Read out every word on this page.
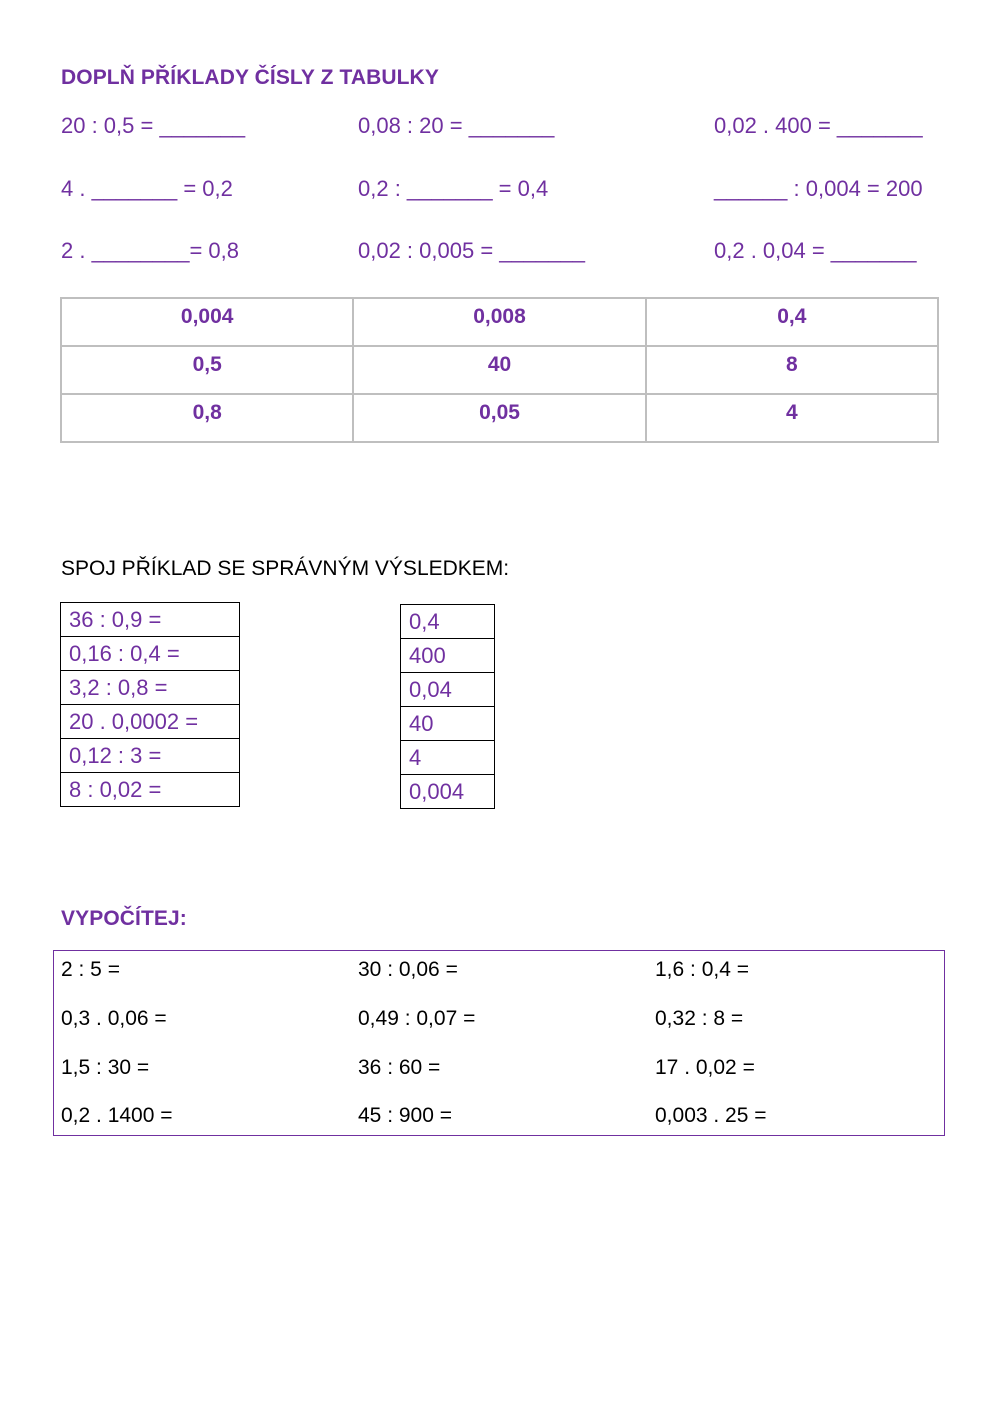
DOPLŇ PŘÍKLADY ČÍSLY Z TABULKY
20 : 0,5 = _______	0,08 : 20 = _______	0,02 . 400 = _______
4 . _______ = 0,2	0,2 : _______ = 0,4	______ : 0,004 = 200
2 . ________= 0,8	0,02 : 0,005 = _______	0,2 . 0,04 = _______
0,004	0,008	0,4
0,5	40	8
0,8	0,05	4
SPOJ PŘÍKLAD SE SPRÁVNÝM VÝSLEDKEM:
36 : 0,9 =
0,16 : 0,4 =
3,2 : 0,8 =
20 . 0,0002 =
0,12 : 3 =
8 : 0,02 =
0,4
400
0,04
40
4
0,004
VYPOČÍTEJ:
2 : 5 =	30 : 0,06 =	1,6 : 0,4 =
0,3 . 0,06 =	0,49 : 0,07 =	0,32 : 8 =
1,5 : 30 =	36 : 60 =	17 . 0,02 =
0,2 . 1400 =	45 : 900 =	0,003 . 25 =
